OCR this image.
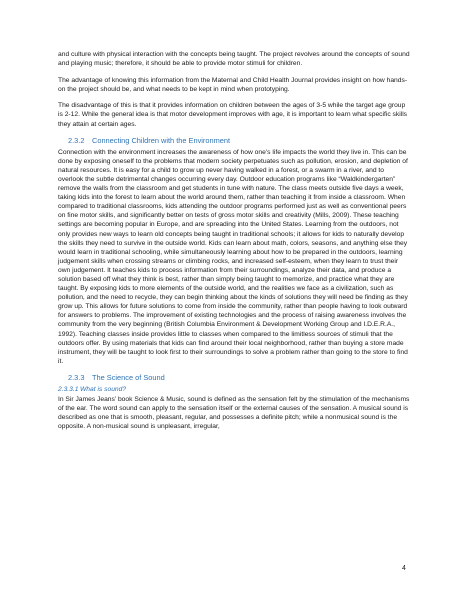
and culture with physical interaction with the concepts being taught. The project revolves around the concepts of sound and playing music; therefore, it should be able to provide motor stimuli for children.

The advantage of knowing this information from the Maternal and Child Health Journal provides insight on how hands-on the project should be, and what needs to be kept in mind when prototyping.

The disadvantage of this is that it provides information on children between the ages of 3-5 while the target age group is 2-12. While the general idea is that motor development improves with age, it is important to learn what specific skills they attain at certain ages.

2.3.2 Connecting Children with the Environment

Connection with the environment increases the awareness of how one’s life impacts the world they live in. This can be done by exposing oneself to the problems that modern society perpetuates such as pollution, erosion, and depletion of natural resources. It is easy for a child to grow up never having walked in a forest, or a swarm in a river, and to overlook the subtle detrimental changes occurring every day. Outdoor education programs like “Waldkindergarten” remove the walls from the classroom and get students in tune with nature. The class meets outside five days a week, taking kids into the forest to learn about the world around them, rather than teaching it from inside a classroom. When compared to traditional classrooms, kids attending the outdoor programs performed just as well as conventional peers on fine motor skills, and significantly better on tests of gross motor skills and creativity (Mills, 2009). These teaching settings are becoming popular in Europe, and are spreading into the United States. Learning from the outdoors, not only provides new ways to learn old concepts being taught in traditional schools; it allows for kids to naturally develop the skills they need to survive in the outside world. Kids can learn about math, colors, seasons, and anything else they would learn in traditional schooling, while simultaneously learning about how to be prepared in the outdoors, learning judgement skills when crossing streams or climbing rocks, and increased self-esteem, when they learn to trust their own judgement. It teaches kids to process information from their surroundings, analyze their data, and produce a solution based off what they think is best, rather than simply being taught to memorize, and practice what they are taught. By exposing kids to more elements of the outside world, and the realities we face as a civilization, such as pollution, and the need to recycle, they can begin thinking about the kinds of solutions they will need be finding as they grow up. This allows for future solutions to come from inside the community, rather than people having to look outward for answers to problems. The improvement of existing technologies and the process of raising awareness involves the community from the very beginning (British Columbia Environment & Development Working Group and I.D.E.R.A., 1992). Teaching classes inside provides little to classes when compared to the limitless sources of stimuli that the outdoors offer. By using materials that kids can find around their local neighborhood, rather than buying a store made instrument, they will be taught to look first to their surroundings to solve a problem rather than going to the store to find it.

2.3.3 The Science of Sound
2.3.3.1 What is sound?

In Sir James Jeans’ book Science & Music, sound is defined as the sensation felt by the stimulation of the mechanisms of the ear. The word sound can apply to the sensation itself or the external causes of the sensation. A musical sound is described as one that is smooth, pleasant, regular, and possesses a definite pitch; while a nonmusical sound is the opposite. A non-musical sound is unpleasant, irregular,

4
